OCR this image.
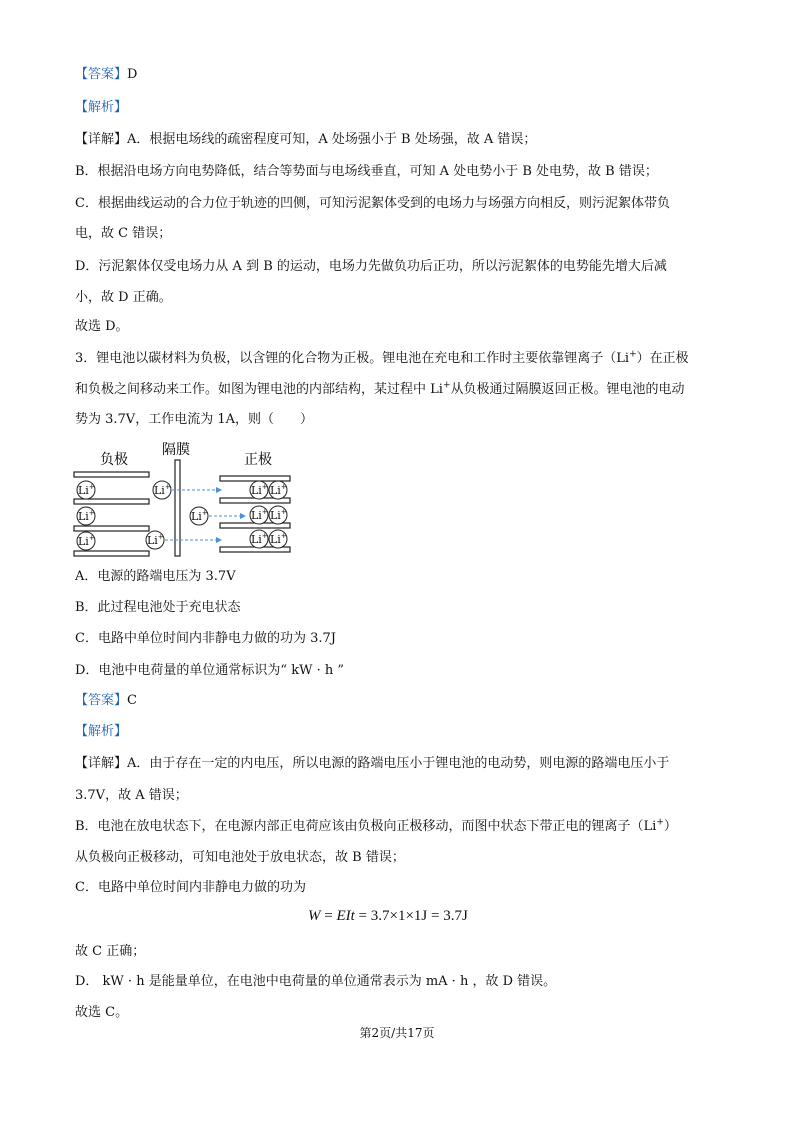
【答案】D
【解析】
【详解】A．根据电场线的疏密程度可知，A 处场强小于 B 处场强，故 A 错误；
B．根据沿电场方向电势降低，结合等势面与电场线垂直，可知 A 处电势小于 B 处电势，故 B 错误；
C．根据曲线运动的合力位于轨迹的凹侧，可知污泥絮体受到的电场力与场强方向相反，则污泥絮体带负
电，故 C 错误；
D．污泥絮体仅受电场力从 A 到 B 的运动，电场力先做负功后正功，所以污泥絮体的电势能先增大后减
小，故 D 正确。
故选 D。
3．锂电池以碳材料为负极，以含锂的化合物为正极。锂电池在充电和工作时主要依靠锂离子（Li+）在正极
和负极之间移动来工作。如图为锂电池的内部结构，某过程中 Li+从负极通过隔膜返回正极。锂电池的电动
势为 3.7V，工作电流为 1A，则（　　）
负极
隔膜
正极
Li+
Li+
Li+
Li+
Li+
Li+
Li+ Li+
Li+ Li+
Li+ Li+
A．电源的路端电压为 3.7V
B．此过程电池处于充电状态
C．电路中单位时间内非静电力做的功为 3.7J
D．电池中电荷量的单位通常标识为“ kW · h ”
【答案】C
【解析】
【详解】A．由于存在一定的内电压，所以电源的路端电压小于锂电池的电动势，则电源的路端电压小于
3.7V，故 A 错误；
B．电池在放电状态下，在电源内部正电荷应该由负极向正极移动，而图中状态下带正电的锂离子（Li+）
从负极向正极移动，可知电池处于放电状态，故 B 错误；
C．电路中单位时间内非静电力做的功为
W = EIt = 3.7×1×1J = 3.7J
故 C 正确；
D． kW · h 是能量单位，在电池中电荷量的单位通常表示为 mA · h ，故 D 错误。
故选 C。
第2页/共17页
